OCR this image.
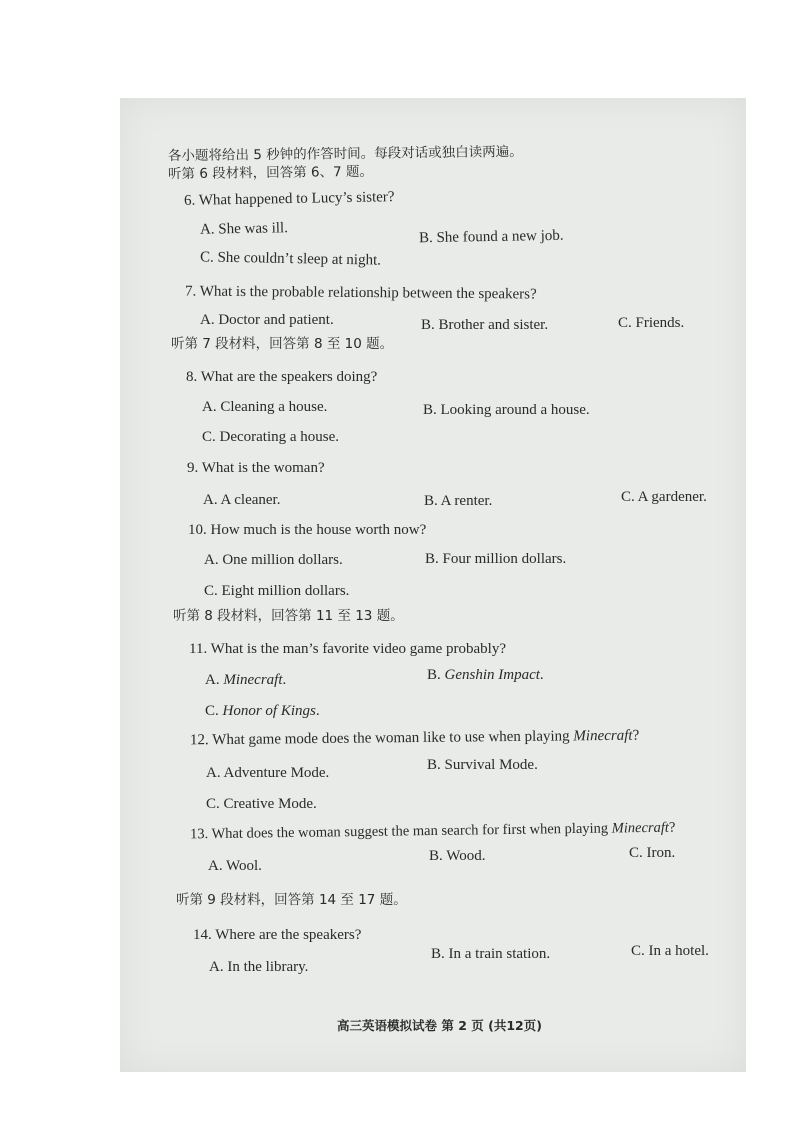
各小题将给出 5 秒钟的作答时间。每段对话或独白读两遍。
听第 6 段材料，回答第 6、7 题。
6. What happened to Lucy’s sister?
A. She was ill.	B. She found a new job.
C. She couldn’t sleep at night.
7. What is the probable relationship between the speakers?
A. Doctor and patient.	B. Brother and sister.	C. Friends.
听第 7 段材料，回答第 8 至 10 题。
8. What are the speakers doing?
A. Cleaning a house.	B. Looking around a house.
C. Decorating a house.
9. What is the woman?
A. A cleaner.	B. A renter.	C. A gardener.
10. How much is the house worth now?
A. One million dollars.	B. Four million dollars.
C. Eight million dollars.
听第 8 段材料，回答第 11 至 13 题。
11. What is the man’s favorite video game probably?
A. Minecraft.	B. Genshin Impact.
C. Honor of Kings.
12. What game mode does the woman like to use when playing Minecraft?
A. Adventure Mode.	B. Survival Mode.
C. Creative Mode.
13. What does the woman suggest the man search for first when playing Minecraft?
A. Wool.
B. Wood.	C. Iron.
听第 9 段材料，回答第 14 至 17 题。
14. Where are the speakers?
A. In the library.
B. In a train station.	C. In a hotel.
高三英语模拟试卷 第 2 页 (共12页)
